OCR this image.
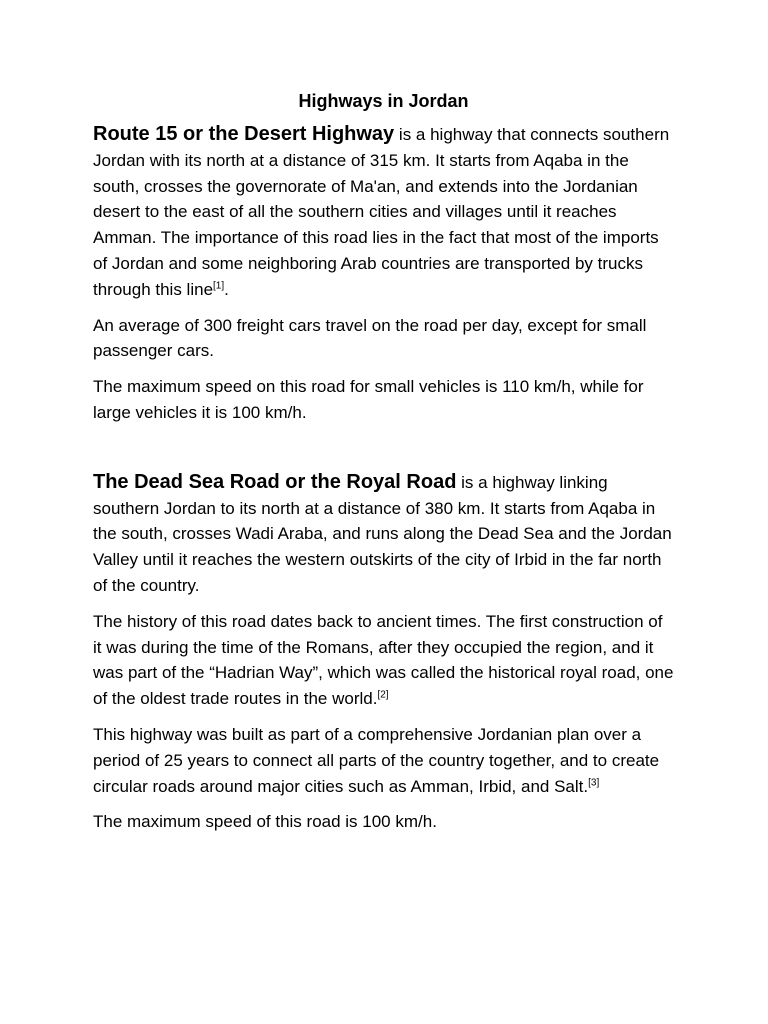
Highways in Jordan

Route 15 or the Desert Highway is a highway that connects southern Jordan with its north at a distance of 315 km. It starts from Aqaba in the south, crosses the governorate of Ma'an, and extends into the Jordanian desert to the east of all the southern cities and villages until it reaches Amman. The importance of this road lies in the fact that most of the imports of Jordan and some neighboring Arab countries are transported by trucks through this line[1].

An average of 300 freight cars travel on the road per day, except for small passenger cars.

The maximum speed on this road for small vehicles is 110 km/h, while for large vehicles it is 100 km/h.

The Dead Sea Road or the Royal Road is a highway linking southern Jordan to its north at a distance of 380 km. It starts from Aqaba in the south, crosses Wadi Araba, and runs along the Dead Sea and the Jordan Valley until it reaches the western outskirts of the city of Irbid in the far north of the country.

The history of this road dates back to ancient times. The first construction of it was during the time of the Romans, after they occupied the region, and it was part of the “Hadrian Way”, which was called the historical royal road, one of the oldest trade routes in the world.[2]

This highway was built as part of a comprehensive Jordanian plan over a period of 25 years to connect all parts of the country together, and to create circular roads around major cities such as Amman, Irbid, and Salt.[3]

The maximum speed of this road is 100 km/h.
